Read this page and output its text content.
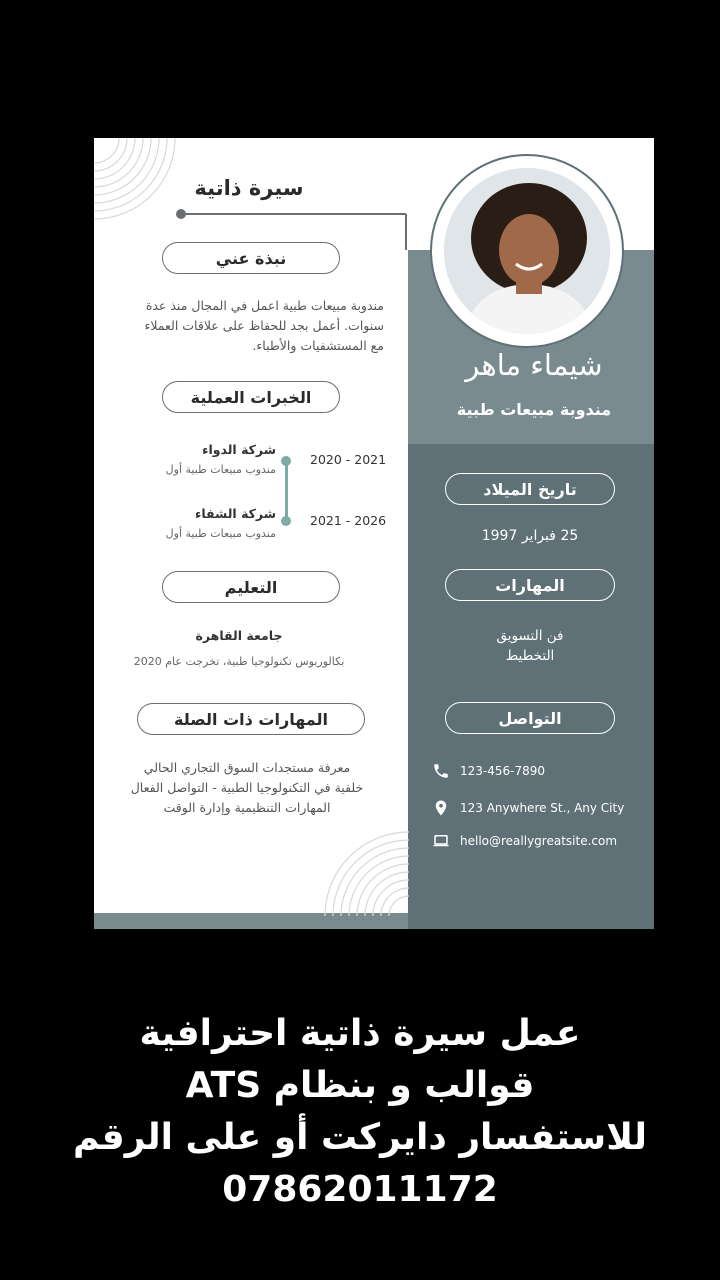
سيرة ذاتية
شيماء ماهر
مندوبة مبيعات طبية
نبذة عني
مندوبة مبيعات طبية اعمل في المجال منذ عدة
سنوات. أعمل بجد للحفاظ على علاقات العملاء
مع المستشفيات والأطباء.
الخبرات العملية
شركة الدواء
مندوب مبيعات طبية أول
2020 - 2021
شركة الشفاء
مندوب مبيعات طبية أول
2021 - 2026
التعليم
جامعة القاهرة
بكالوريوس تكنولوجيا طبية، تخرجت عام 2020
المهارات ذات الصلة
معرفة مستجدات السوق التجاري الحالي
خلفية في التكنولوجيا الطبية - التواصل الفعال
المهارات التنظيمية وإدارة الوقت
تاريخ الميلاد
25 فبراير 1997
المهارات
فن التسويق
التخطيط
التواصل
123-456-7890
123 Anywhere St., Any City
hello@reallygreatsite.com
عمل سيرة ذاتية احترافية
قوالب و بنظام ATS
للاستفسار دايركت أو على الرقم
07862011172
